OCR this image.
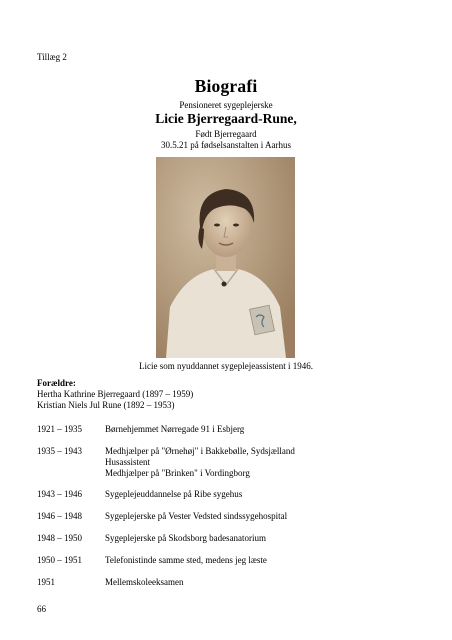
Tillæg 2
Biografi
Pensioneret sygeplejerske
Licie Bjerregaard-Rune,
Født Bjerregaard
30.5.21 på fødselsanstalten i Aarhus
Licie som nyuddannet sygeplejeassistent i 1946.
Forældre:
Hertha Kathrine Bjerregaard (1897 – 1959)
Kristian Niels Jul Rune (1892 – 1953)
1921 – 1935	Børnehjemmet Nørregade 91 i Esbjerg
1935 – 1943	Medhjælper på "Ørnehøj" i Bakkebølle, Sydsjælland
Husassistent
Medhjælper på "Brinken" i Vordingborg
1943 – 1946	Sygeplejeuddannelse på Ribe sygehus
1946 – 1948	Sygeplejerske på Vester Vedsted sindssygehospital
1948 – 1950	Sygeplejerske på Skodsborg badesanatorium
1950 – 1951	Telefonistinde samme sted, medens jeg læste
1951	Mellemskoleeksamen
66
